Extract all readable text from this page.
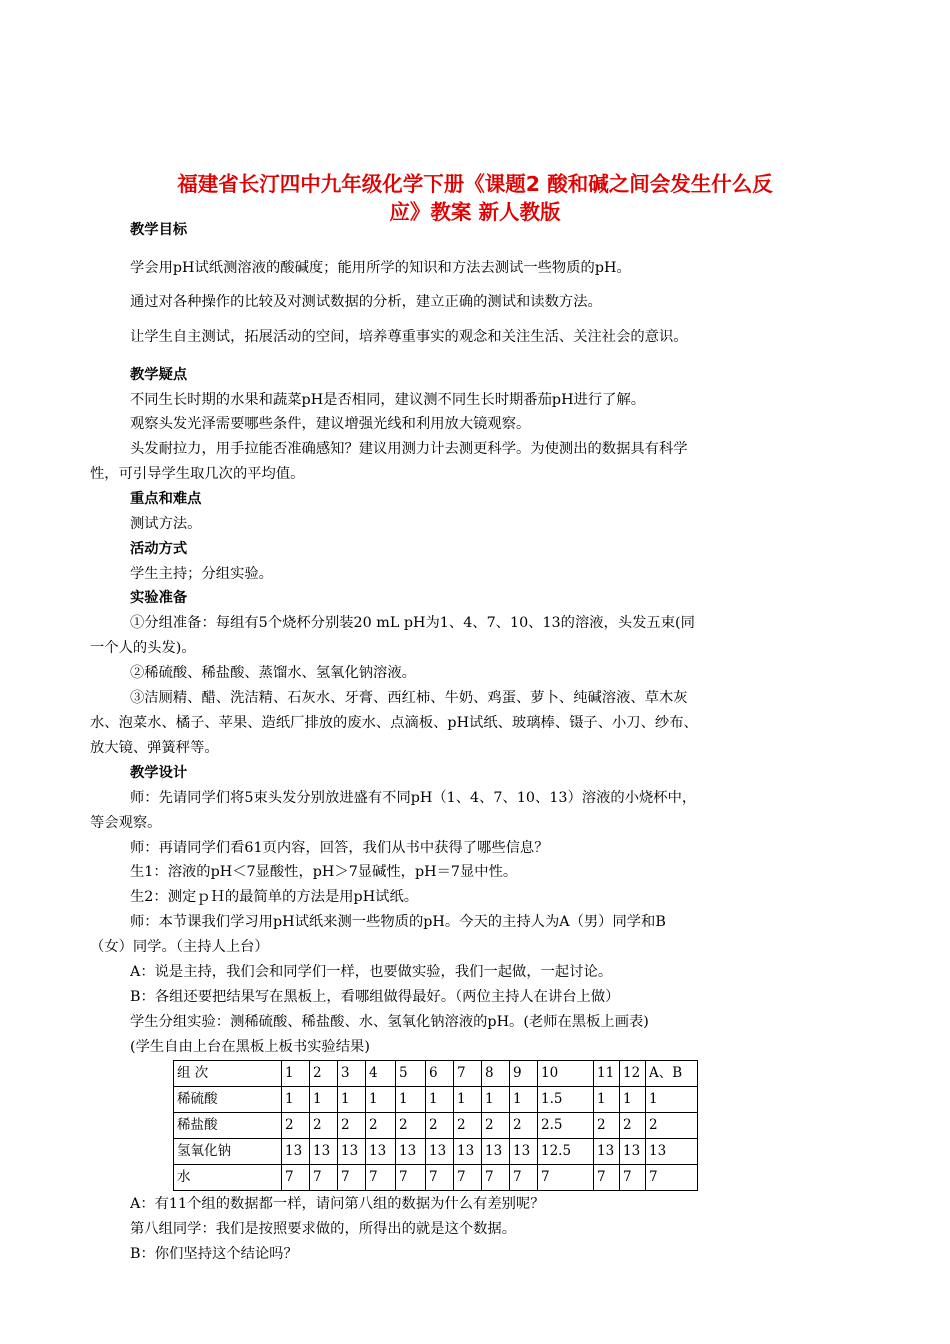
福建省长汀四中九年级化学下册《课题2 酸和碱之间会发生什么反
应》教案 新人教版
教学目标
学会用pH试纸测溶液的酸碱度；能用所学的知识和方法去测试一些物质的pH。
通过对各种操作的比较及对测试数据的分析，建立正确的测试和读数方法。
让学生自主测试，拓展活动的空间，培养尊重事实的观念和关注生活、关注社会的意识。
教学疑点
不同生长时期的水果和蔬菜pH是否相同，建议测不同生长时期番茄pH进行了解。
观察头发光泽需要哪些条件，建议增强光线和利用放大镜观察。
头发耐拉力，用手拉能否准确感知？建议用测力计去测更科学。为使测出的数据具有科学
性，可引导学生取几次的平均值。
重点和难点
测试方法。
活动方式
学生主持；分组实验。
实验准备
①分组准备：每组有5个烧杯分别装20 mL pH为1、4、7、10、13的溶液，头发五束(同
一个人的头发)。
②稀硫酸、稀盐酸、蒸馏水、氢氧化钠溶液。
③洁厕精、醋、洗洁精、石灰水、牙膏、西红柿、牛奶、鸡蛋、萝卜、纯碱溶液、草木灰
水、泡菜水、橘子、苹果、造纸厂排放的废水、点滴板、pH试纸、玻璃棒、镊子、小刀、纱布、
放大镜、弹簧秤等。
教学设计
师：先请同学们将5束头发分别放进盛有不同pH（1、4、7、10、13）溶液的小烧杯中，
等会观察。
师：再请同学们看61页内容，回答，我们从书中获得了哪些信息？
生1：溶液的pH＜7显酸性，pH＞7显碱性，pH＝7显中性。
生2：测定ｐＨ的最简单的方法是用pH试纸。
师：本节课我们学习用pH试纸来测一些物质的pH。今天的主持人为A（男）同学和B
（女）同学。（主持人上台）
A：说是主持，我们会和同学们一样，也要做实验，我们一起做，一起讨论。
B：各组还要把结果写在黑板上，看哪组做得最好。（两位主持人在讲台上做）
学生分组实验：测稀硫酸、稀盐酸、水、氢氧化钠溶液的pH。(老师在黑板上画表)
(学生自由上台在黑板上板书实验结果)
组 次	1	2	3	4	5	6	7	8	9	10	11	12	A、B
稀硫酸	1	1	1	1	1	1	1	1	1	1.5	1	1	1
稀盐酸	2	2	2	2	2	2	2	2	2	2.5	2	2	2
氢氧化钠	13	13	13	13	13	13	13	13	13	12.5	13	13	13
水	7	7	7	7	7	7	7	7	7	7	7	7	7
A：有11个组的数据都一样，请问第八组的数据为什么有差别呢？
第八组同学：我们是按照要求做的，所得出的就是这个数据。
B：你们坚持这个结论吗？
